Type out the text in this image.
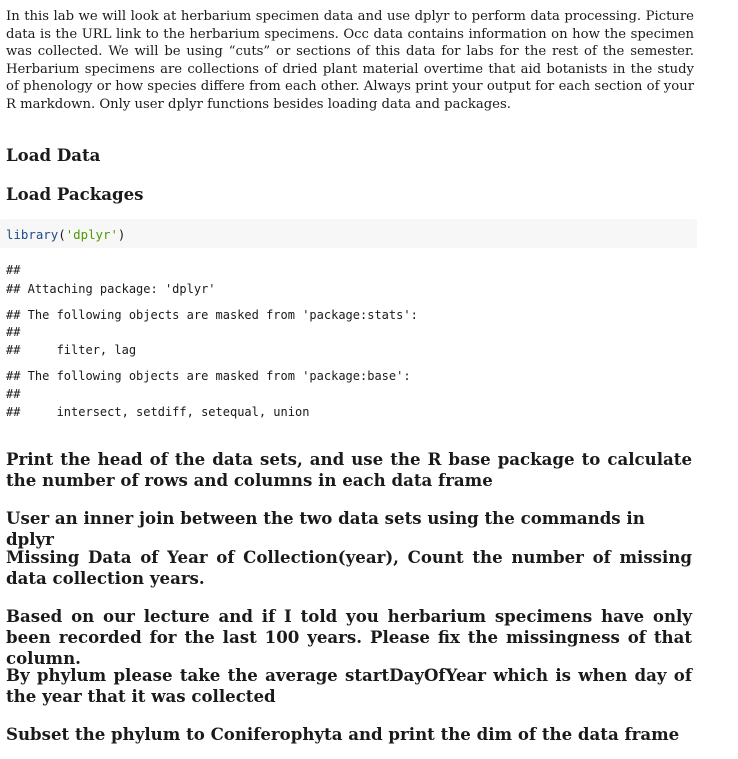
In this lab we will look at herbarium specimen data and use dplyr to perform data processing. Picture data is the URL link to the herbarium specimens. Occ data contains information on how the specimen was collected. We will be using “cuts” or sections of this data for labs for the rest of the semester. Herbarium specimens are collections of dried plant material overtime that aid botanists in the study of phenology or how species differe from each other. Always print your output for each section of your R markdown. Only user dplyr functions besides loading data and packages.

Load Data
Load Packages
library('dplyr')
##
## Attaching package: 'dplyr'
## The following objects are masked from 'package:stats':
##
##     filter, lag
## The following objects are masked from 'package:base':
##
##     intersect, setdiff, setequal, union
Print the head of the data sets, and use the R base package to calculate the number of rows and columns in each data frame
User an inner join between the two data sets using the commands in dplyr
Missing Data of Year of Collection(year), Count the number of missing data collection years.
Based on our lecture and if I told you herbarium specimens have only been recorded for the last 100 years. Please fix the missingness of that column.
By phylum please take the average startDayOfYear which is when day of the year that it was collected
Subset the phylum to Coniferophyta and print the dim of the data frame
